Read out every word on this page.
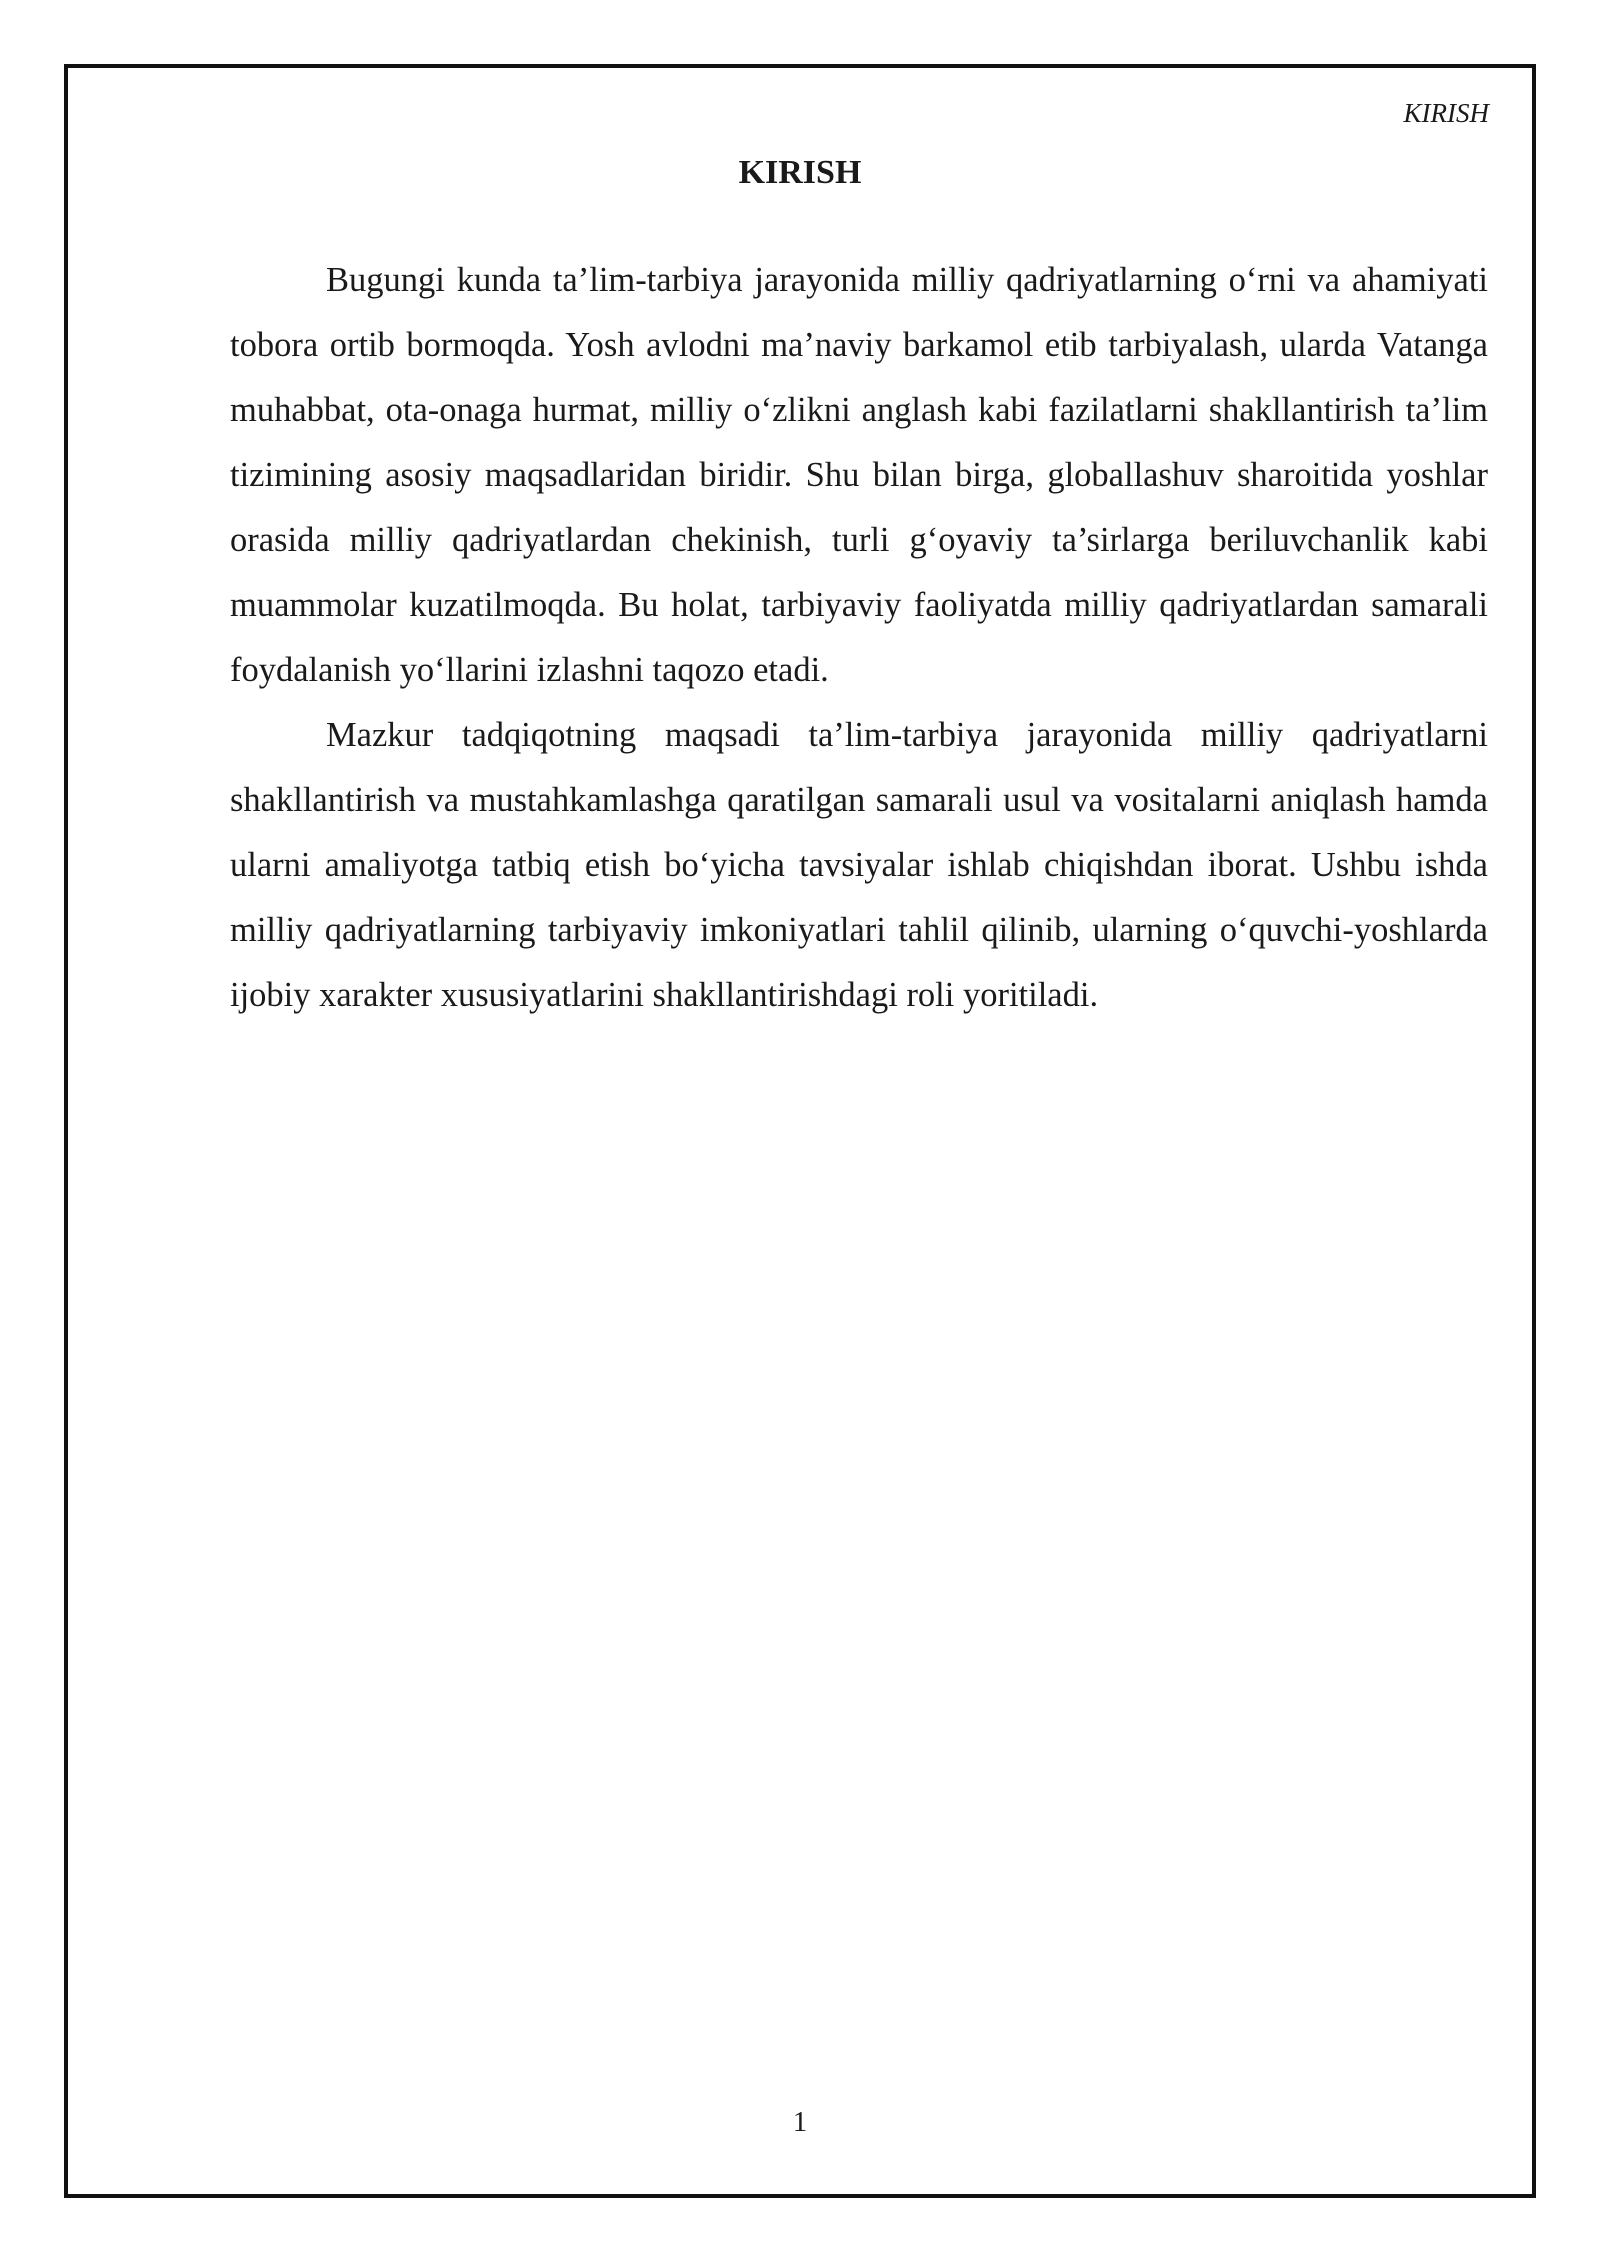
KIRISH
KIRISH

Bugungi kunda ta’lim-tarbiya jarayonida milliy qadriyatlarning o‘rni va ahamiyati tobora ortib bormoqda. Yosh avlodni ma’naviy barkamol etib tarbiyalash, ularda Vatanga muhabbat, ota-onaga hurmat, milliy o‘zlikni anglash kabi fazilatlarni shakllantirish ta’lim tizimining asosiy maqsadlaridan biridir. Shu bilan birga, globallashuv sharoitida yoshlar orasida milliy qadriyatlardan chekinish, turli g‘oyaviy ta’sirlarga beriluvchanlik kabi muammolar kuzatilmoqda. Bu holat, tarbiyaviy faoliyatda milliy qadriyatlardan samarali foydalanish yo‘llarini izlashni taqozo etadi.

Mazkur tadqiqotning maqsadi ta’lim-tarbiya jarayonida milliy qadriyatlarni shakllantirish va mustahkamlashga qaratilgan samarali usul va vositalarni aniqlash hamda ularni amaliyotga tatbiq etish bo‘yicha tavsiyalar ishlab chiqishdan iborat. Ushbu ishda milliy qadriyatlarning tarbiyaviy imkoniyatlari tahlil qilinib, ularning o‘quvchi-yoshlarda ijobiy xarakter xususiyatlarini shakllantirishdagi roli yoritiladi.

1
